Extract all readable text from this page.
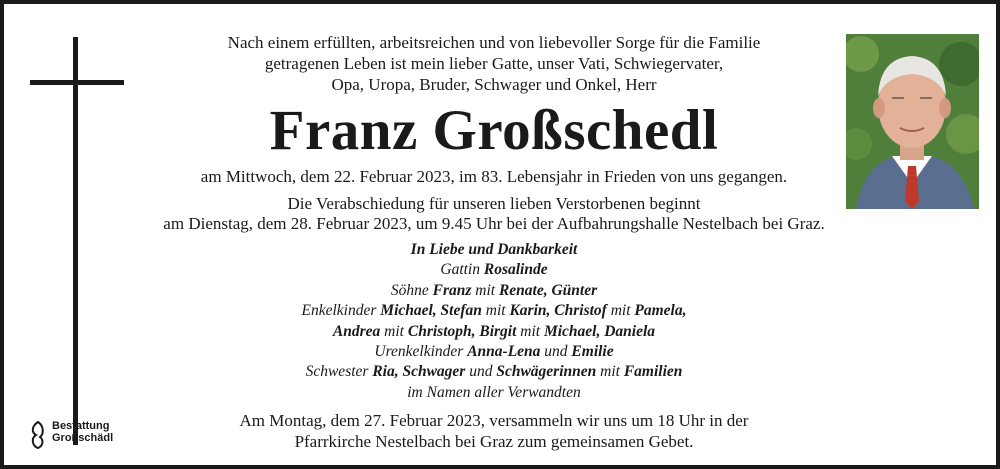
Nach einem erfüllten, arbeitsreichen und von liebevoller Sorge für die Familie
getragenen Leben ist mein lieber Gatte, unser Vati, Schwiegervater,
Opa, Uropa, Bruder, Schwager und Onkel, Herr
Franz Großschedl
am Mittwoch, dem 22. Februar 2023, im 83. Lebensjahr in Frieden von uns gegangen.
Die Verabschiedung für unseren lieben Verstorbenen beginnt
am Dienstag, dem 28. Februar 2023, um 9.45 Uhr bei der Aufbahrungshalle Nestelbach bei Graz.
In Liebe und Dankbarkeit
Gattin Rosalinde
Söhne Franz mit Renate, Günter
Enkelkinder Michael, Stefan mit Karin, Christof mit Pamela,
Andrea mit Christoph, Birgit mit Michael, Daniela
Urenkelkinder Anna-Lena und Emilie
Schwester Ria, Schwager und Schwägerinnen mit Familien
im Namen aller Verwandten
Am Montag, dem 27. Februar 2023, versammeln wir uns um 18 Uhr in der
Pfarrkirche Nestelbach bei Graz zum gemeinsamen Gebet.
Bestattung
Großschädl
